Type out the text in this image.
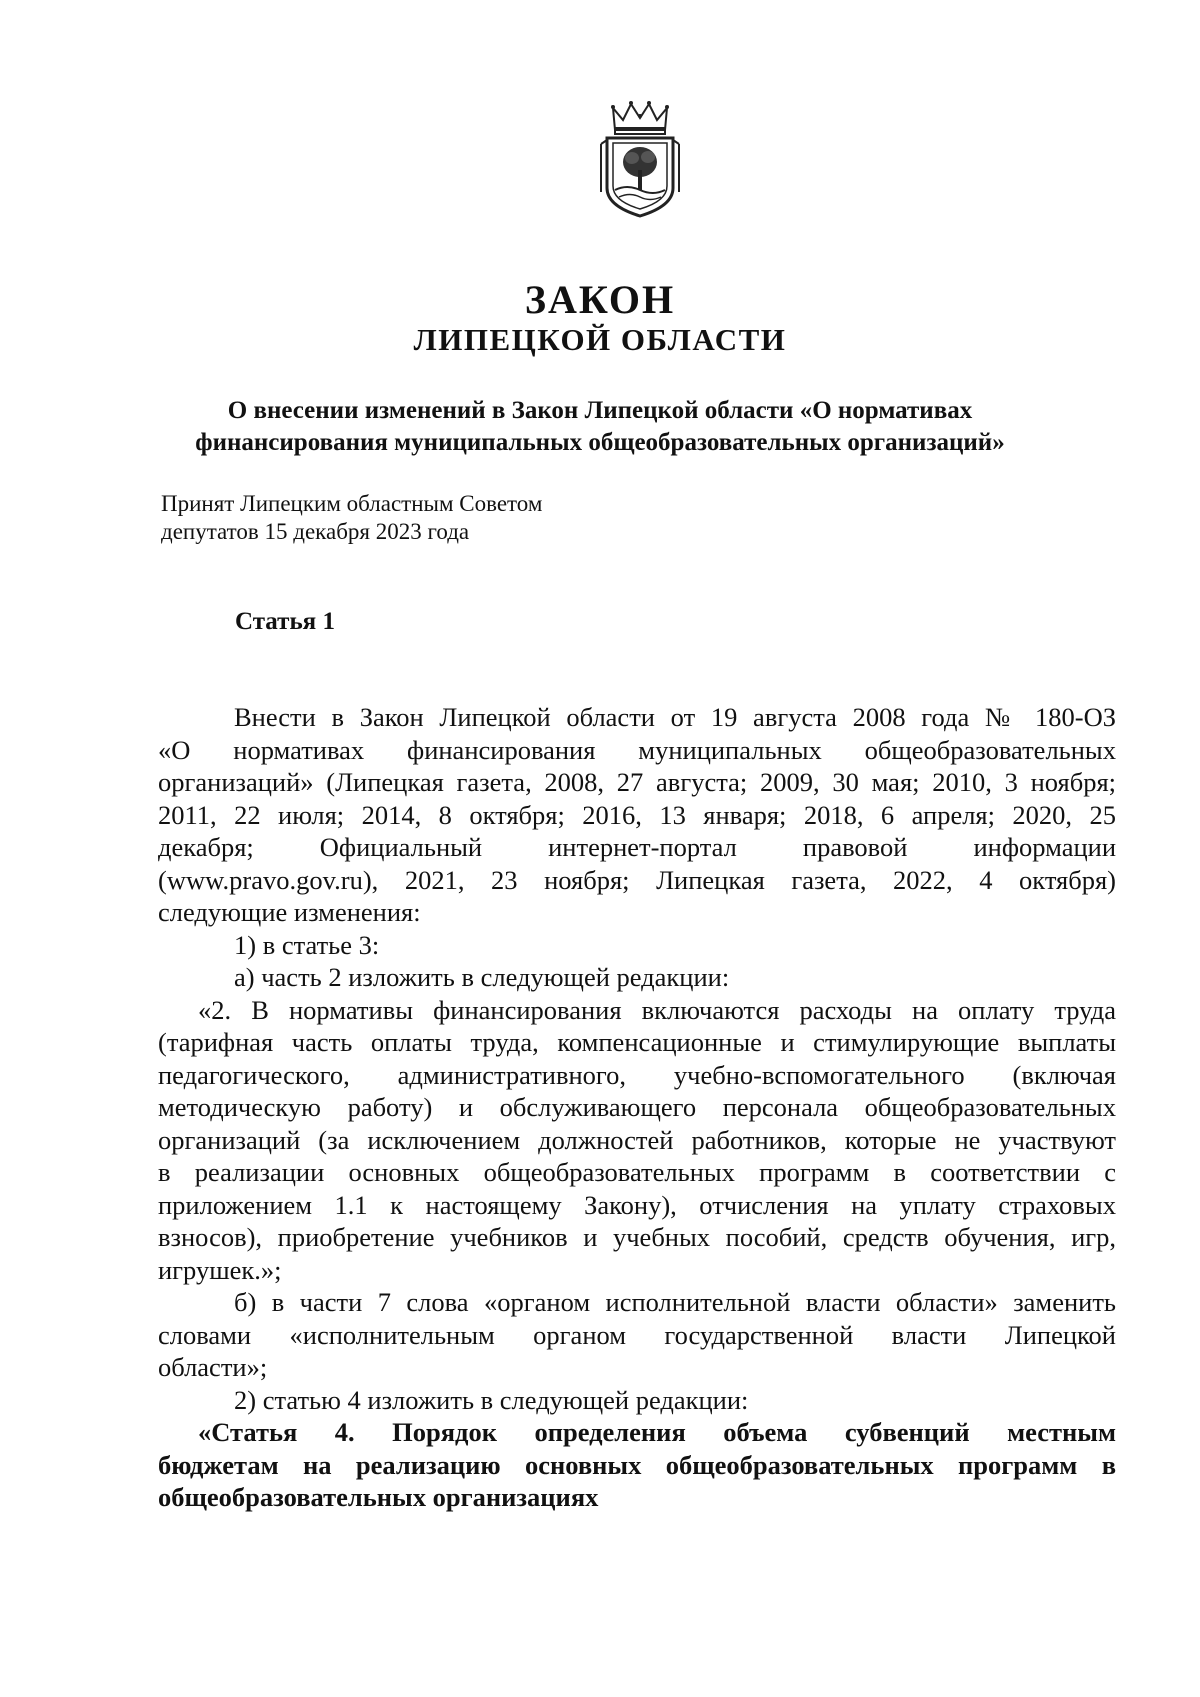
ЗАКОН
ЛИПЕЦКОЙ ОБЛАСТИ
О внесении изменений в Закон Липецкой области «О нормативах
финансирования муниципальных общеобразовательных организаций»
Принят Липецким областным Советом
депутатов 15 декабря 2023 года
Статья 1

Внести в Закон Липецкой области от 19 августа 2008 года № 180-ОЗ

«О нормативах финансирования муниципальных общеобразовательных

организаций» (Липецкая газета, 2008, 27 августа; 2009, 30 мая; 2010, 3 ноября;

2011, 22 июля; 2014, 8 октября; 2016, 13 января; 2018, 6 апреля; 2020, 25

декабря; Официальный интернет-портал правовой информации

(www.pravo.gov.ru), 2021, 23 ноября; Липецкая газета, 2022, 4 октября)

следующие изменения:

1) в статье 3:

а) часть 2 изложить в следующей редакции:

«2. В нормативы финансирования включаются расходы на оплату труда

(тарифная часть оплаты труда, компенсационные и стимулирующие выплаты

педагогического, административного, учебно-вспомогательного (включая

методическую работу) и обслуживающего персонала общеобразовательных

организаций (за исключением должностей работников, которые не участвуют

в реализации основных общеобразовательных программ в соответствии с

приложением 1.1 к настоящему Закону), отчисления на уплату страховых

взносов), приобретение учебников и учебных пособий, средств обучения, игр,

игрушек.»;

б) в части 7 слова «органом исполнительной власти области» заменить

словами «исполнительным органом государственной власти Липецкой

области»;

2) статью 4 изложить в следующей редакции:

«Статья 4. Порядок определения объема субвенций местным

бюджетам на реализацию основных общеобразовательных программ в

общеобразовательных организациях
